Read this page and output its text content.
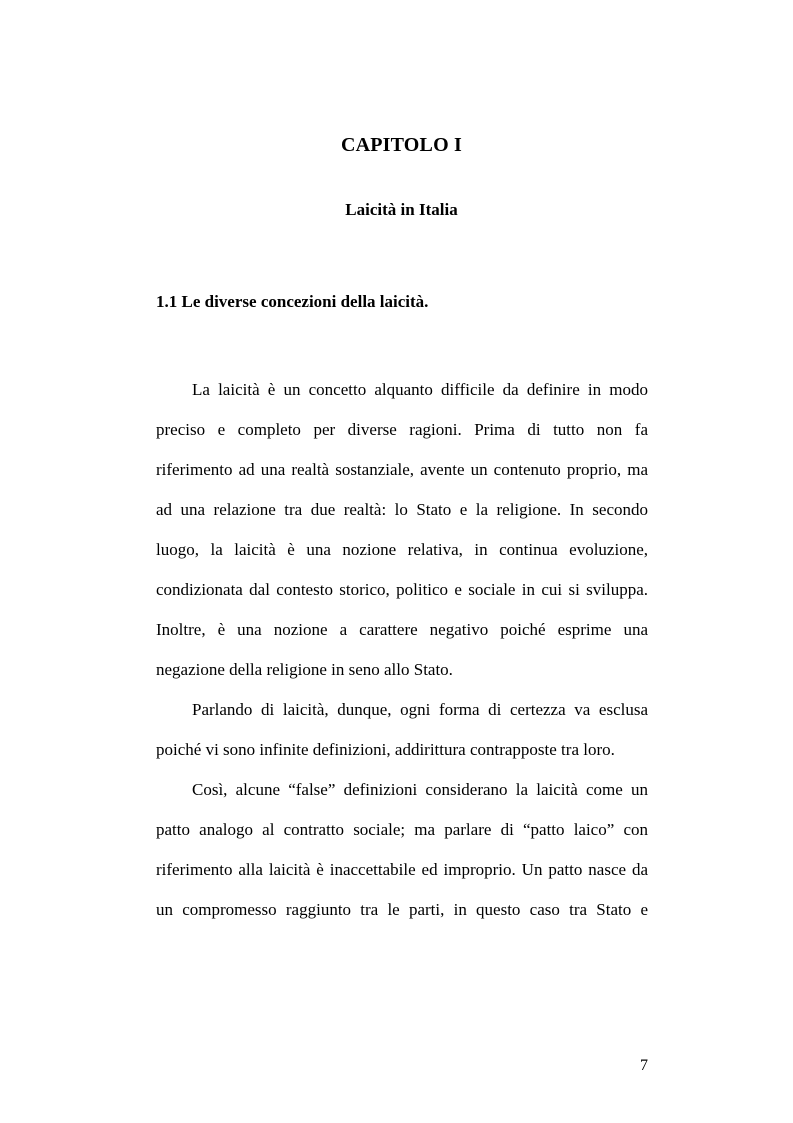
CAPITOLO I
Laicità in Italia
1.1 Le diverse concezioni della laicità.
La laicità è un concetto alquanto difficile da definire in modo
preciso e completo per diverse ragioni. Prima di tutto non fa
riferimento ad una realtà sostanziale, avente un contenuto proprio, ma
ad una relazione tra due realtà: lo Stato e la religione. In secondo
luogo, la laicità è una nozione relativa, in continua evoluzione,
condizionata dal contesto storico, politico e sociale in cui si sviluppa.
Inoltre, è una nozione a carattere negativo poiché esprime una
negazione della religione in seno allo Stato.
Parlando di laicità, dunque, ogni forma di certezza va esclusa
poiché vi sono infinite definizioni, addirittura contrapposte tra loro.
Così, alcune “false” definizioni considerano la laicità come un
patto analogo al contratto sociale; ma parlare di “patto laico” con
riferimento alla laicità è inaccettabile ed improprio. Un patto nasce da
un compromesso raggiunto tra le parti, in questo caso tra Stato e
7
